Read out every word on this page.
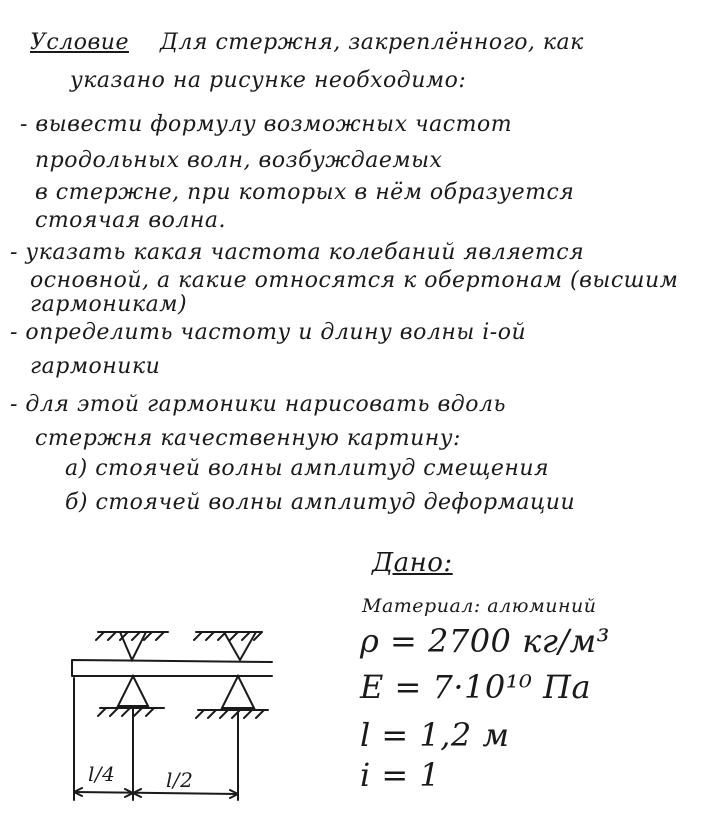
Условие Для стержня, закреплённого, как
указано на рисунке необходимо:
- вывести формулу возможных частот
продольных волн, возбуждаемых
в стержне, при которых в нём образуется
стоячая волна.
- указать какая частота колебаний является
основной, а какие относятся к обертонам (высшим
гармоникам)
- определить частоту и длину волны i-ой
гармоники
- для этой гармоники нарисовать вдоль
стержня качественную картину:
а) стоячей волны амплитуд смещения
б) стоячей волны амплитуд деформации
Дано:
Материал: алюминий
ρ = 2700 кг/м³
E = 7·10¹⁰ Па
l = 1,2 м
i = 1
l/4	l/2
